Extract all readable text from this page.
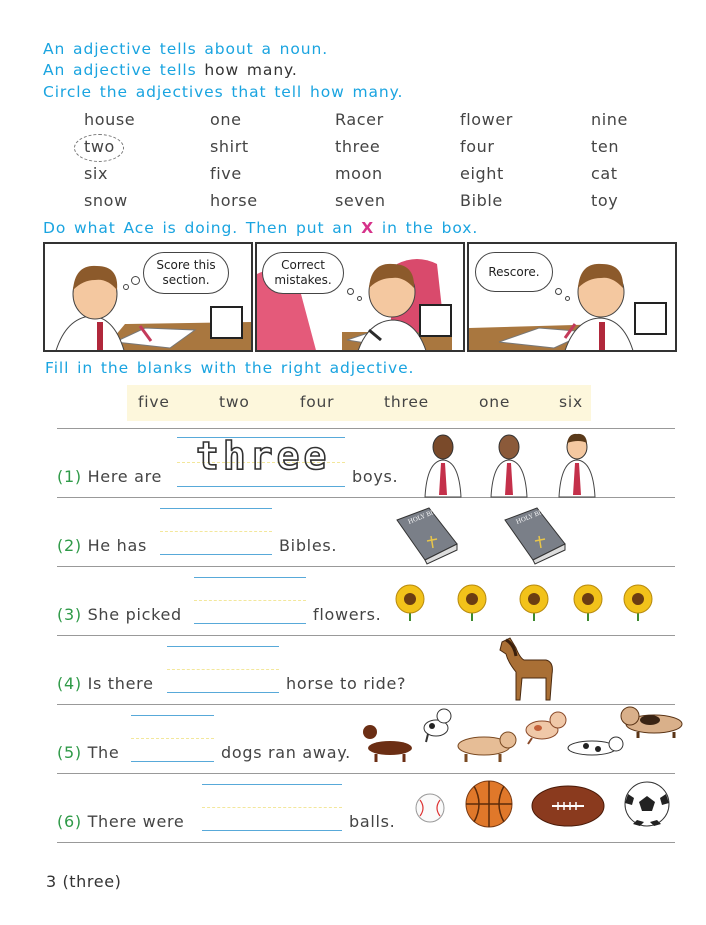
An adjective tells about a noun.
An adjective tells how many.
Circle the adjectives that tell how many.
house	one	Racer	flower	nine
two	shirt	three	four	ten
six	five	moon	eight	cat
snow	horse	seven	Bible	toy
Do what Ace is doing. Then put an X in the box.
Score this section.
Correct mistakes.
Rescore.
Fill in the blanks with the right adjective.
five	two	four	three	one	six
(1) Here are three boys.
(2) He has	Bibles.
HOLY BIBLE	HOLY BIBLE
(3) She picked	flowers.
(4) Is there	horse to ride?
(5) The	dogs ran away.
(6) There were	balls.
3 (three)
